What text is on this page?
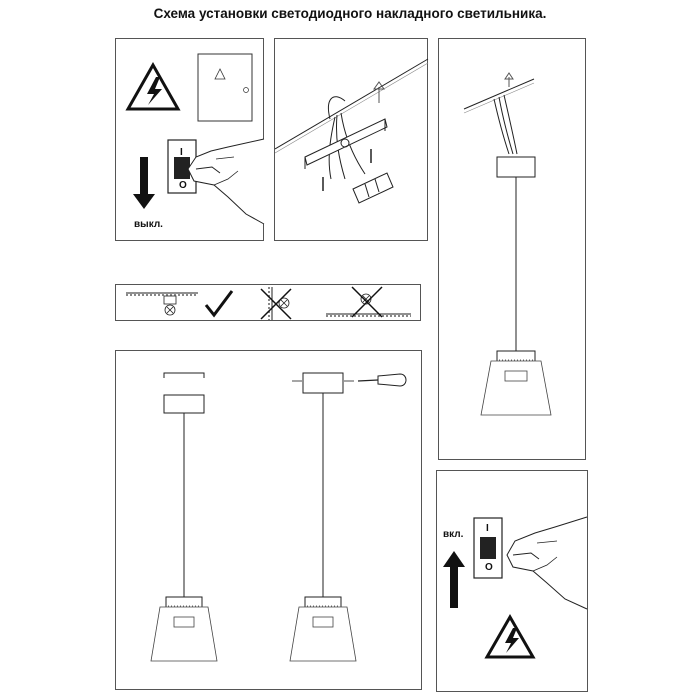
Схема установки светодиодного накладного светильника.
I
O
выкл.
вкл.
I
O
